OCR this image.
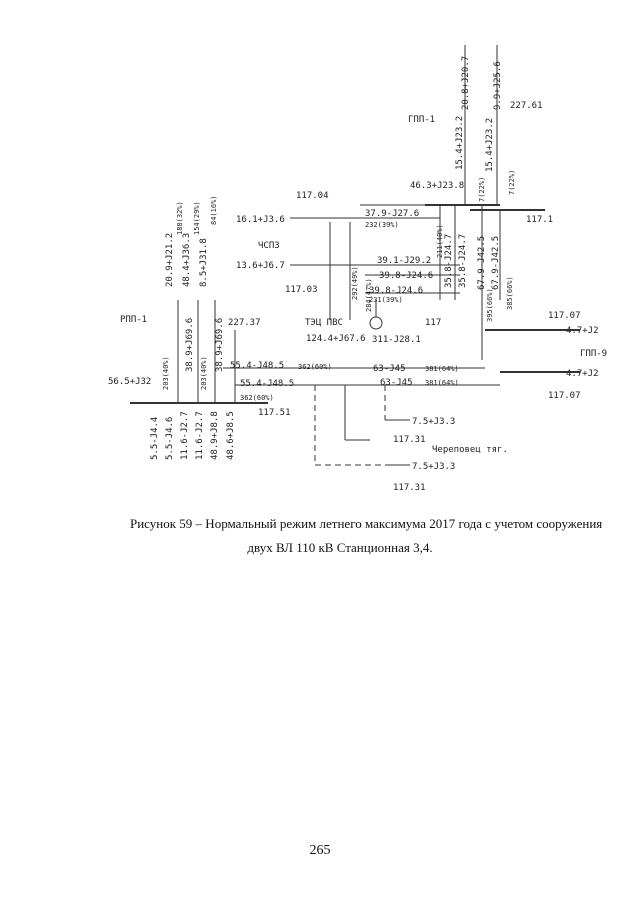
ГПП-1
РПП-1
ЧСПЗ
ТЭЦ ПВС
ГПП-9
Череповец тяг.
227.61
117.04
117.1
117.03
227.37	117
117.07
117.07
117.51
117.31
117.31
46.3+J23.8
16.1+J3.6
13.6+J6.7
37.9-J27.6
232(39%)
39.1-J29.2
39.8-J24.6
39.8-J24.6
231(39%)
124.4+J67.6 311-J28.1
56.5+J32
55.4-J48.5 362(60%)
55.4-J48.5
362(60%)
63-J45	381(64%)
63-J45 381(64%)
4.7+J2
4.7+J2
7.5+J3.3
7.5+J3.3
20.8+J20.7 9.9+J25.6
15.4+J23.2 15.4+J23.2
7(22%)	7(22%)
35.8-J24.7 35.8-J24.7
211(40%)	67.9-J42.5 67.9-J42.5
395(66%) 385(66%)
292(49%) 284(47%)
20.9+J21.2 48.4+J36.3 8.5+J31.8
188(32%) 154(29%) 84(16%)
38.9+J69.6 38.9+J69.6
203(40%)	203(40%)
5.5-J4.4 5.5-J4.6 11.6-J2.7 11.6-J2.7 48.9+J8.8 48.6+J8.5
Рисунок 59 – Нормальный режим летнего максимума 2017 года с учетом сооружения
двух ВЛ 110 кВ Станционная 3,4.
265
